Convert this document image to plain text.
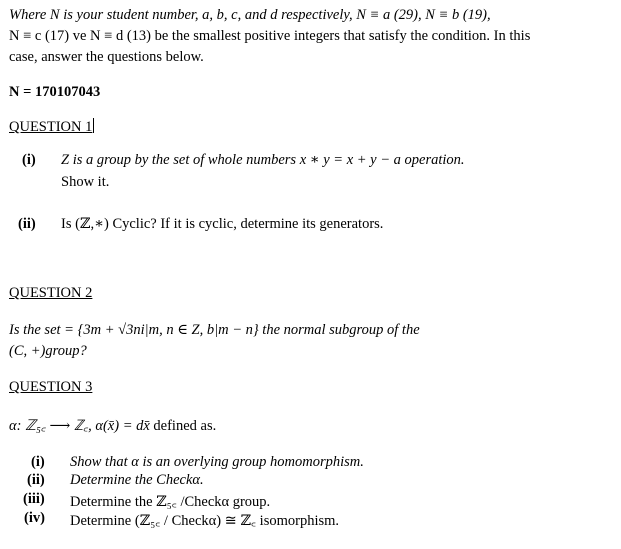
Where N is your student number, a, b, c, and d respectively, N ≡ a (29), N ≡ b (19),
N ≡ c (17) ve N ≡ d (13) be the smallest positive integers that satisfy the condition. In this
case, answer the questions below.
N = 170107043
QUESTION 1
(i) Z is a group by the set of whole numbers x ∗ y = x + y − a operation.
Show it.
(ii) Is (ℤ,∗) Cyclic? If it is cyclic, determine its generators.
QUESTION 2
Is the set = {3m + √3ni|m, n ∈ Z, b|m − n} the normal subgroup of the
(C, +)group?
QUESTION 3
α: ℤ₅꜀ ⟶ ℤ꜀, α(x̄) = dx̄ defined as.
(i) Show that α is an overlying group homomorphism.
(ii) Determine the Checkα.
(iii) Determine the ℤ₅꜀ /Checkα group.
(iv) Determine (ℤ₅꜀ / Checkα) ≅ ℤ꜀ isomorphism.
